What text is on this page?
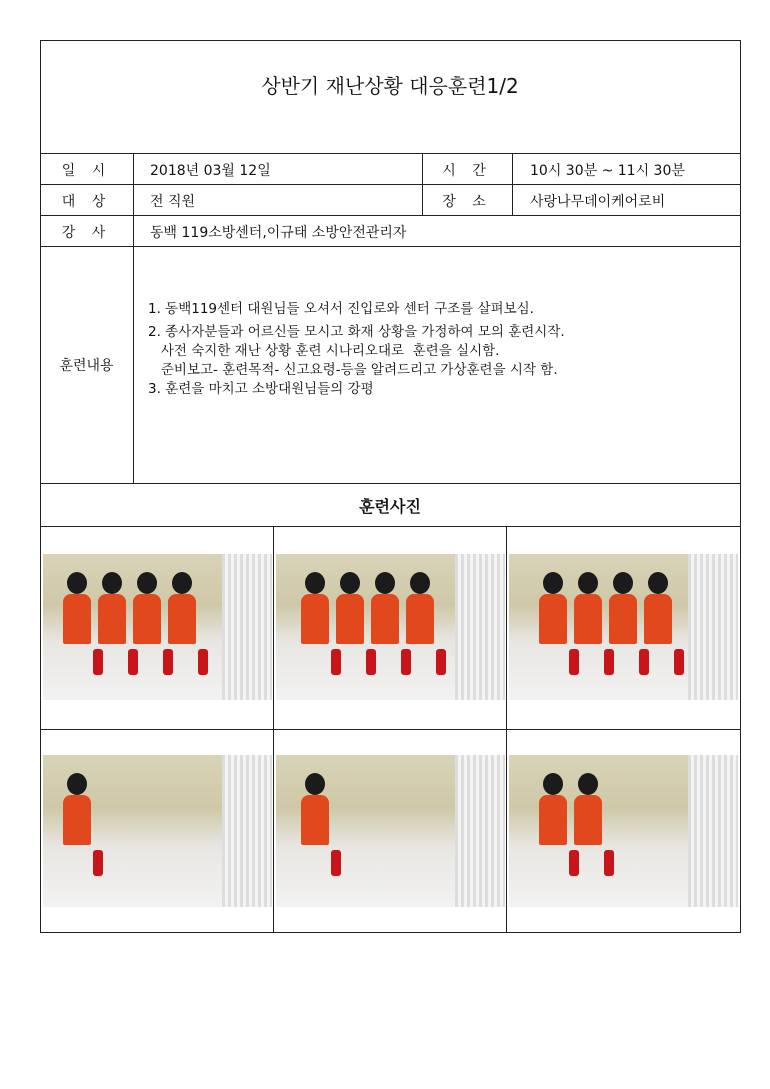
상반기 재난상황 대응훈련1/2
일 시	2018년 03월 12일	시 간	10시 30분 ~ 11시 30분
대 상	전 직원	장 소	사랑나무데이케어로비
강 사	동백 119소방센터,이규태 소방안전관리자
훈련내용
1. 동백119센터 대원님들 오셔서 진입로와 센터 구조를 살펴보심.
2. 종사자분들과 어르신들 모시고 화재 상황을 가정하여 모의 훈련시작.
사전 숙지한 재난 상황 훈련 시나리오대로  훈련을 실시함.
준비보고- 훈련목적- 신고요령-등을 알려드리고 가상훈련을 시작 함.
3. 훈련을 마치고 소방대원님들의 강평
훈련사진
